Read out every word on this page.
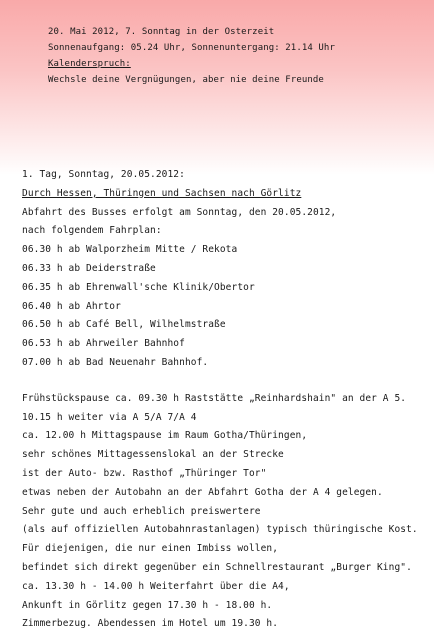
20. Mai 2012, 7. Sonntag in der Osterzeit
Sonnenaufgang: 05.24 Uhr, Sonnenuntergang: 21.14 Uhr
Kalenderspruch:
Wechsle deine Vergnügungen, aber nie deine Freunde
1. Tag, Sonntag, 20.05.2012:
Durch Hessen, Thüringen und Sachsen nach Görlitz
Abfahrt des Busses erfolgt am Sonntag, den 20.05.2012,
nach folgendem Fahrplan:
06.30 h ab Walporzheim Mitte / Rekota
06.33 h ab Deiderstraße
06.35 h ab Ehrenwall'sche Klinik/Obertor
06.40 h ab Ahrtor
06.50 h ab Café Bell, Wilhelmstraße
06.53 h ab Ahrweiler Bahnhof
07.00 h ab Bad Neuenahr Bahnhof.
Frühstückspause ca. 09.30 h Raststätte „Reinhardshain" an der A 5.
10.15 h weiter via A 5/A 7/A 4
ca. 12.00 h Mittagspause im Raum Gotha/Thüringen,
sehr schönes Mittagessenslokal an der Strecke
ist der Auto- bzw. Rasthof „Thüringer Tor"
etwas neben der Autobahn an der Abfahrt Gotha der A 4 gelegen.
Sehr gute und auch erheblich preiswertere
(als auf offiziellen Autobahnrastanlagen) typisch thüringische Kost.
Für diejenigen, die nur einen Imbiss wollen,
befindet sich direkt gegenüber ein Schnellrestaurant „Burger King".
ca. 13.30 h - 14.00 h Weiterfahrt über die A4,
Ankunft in Görlitz gegen 17.30 h - 18.00 h.
Zimmerbezug. Abendessen im Hotel um 19.30 h.
